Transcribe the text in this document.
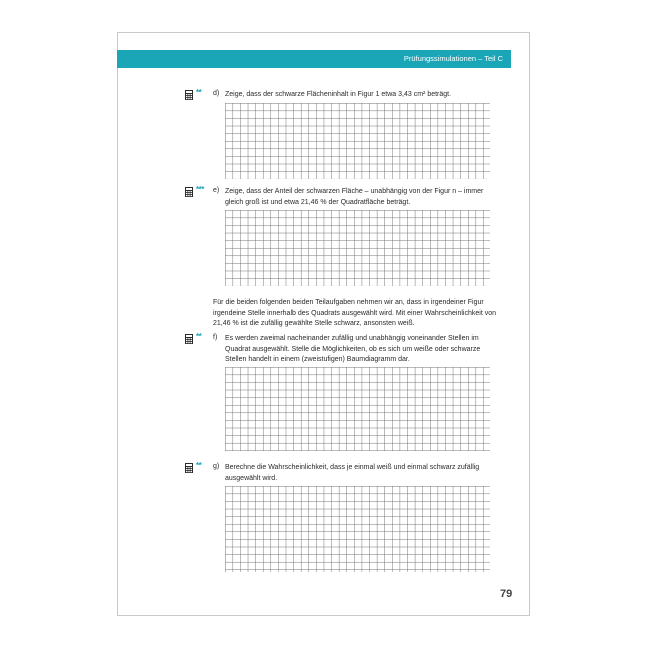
Prüfungssimulationen – Teil C
** d) Zeige, dass der schwarze Flächeninhalt in Figur 1 etwa 3,43 cm² beträgt.
*** e) Zeige, dass der Anteil der schwarzen Fläche – unabhängig von der Figur n – immer gleich groß ist und etwa 21,46 % der Quadratfläche beträgt.
Für die beiden folgenden beiden Teilaufgaben nehmen wir an, dass in irgendeiner Figur irgendeine Stelle innerhalb des Quadrats ausgewählt wird. Mit einer Wahrscheinlichkeit von 21,46 % ist die zufällig gewählte Stelle schwarz, ansonsten weiß.
** f) Es werden zweimal nacheinander zufällig und unabhängig voneinander Stellen im Quadrat ausgewählt. Stelle die Möglichkeiten, ob es sich um weiße oder schwarze Stellen handelt in einem (zweistufigen) Baumdiagramm dar.
** g) Berechne die Wahrscheinlichkeit, dass je einmal weiß und einmal schwarz zufällig ausgewählt wird.
79
